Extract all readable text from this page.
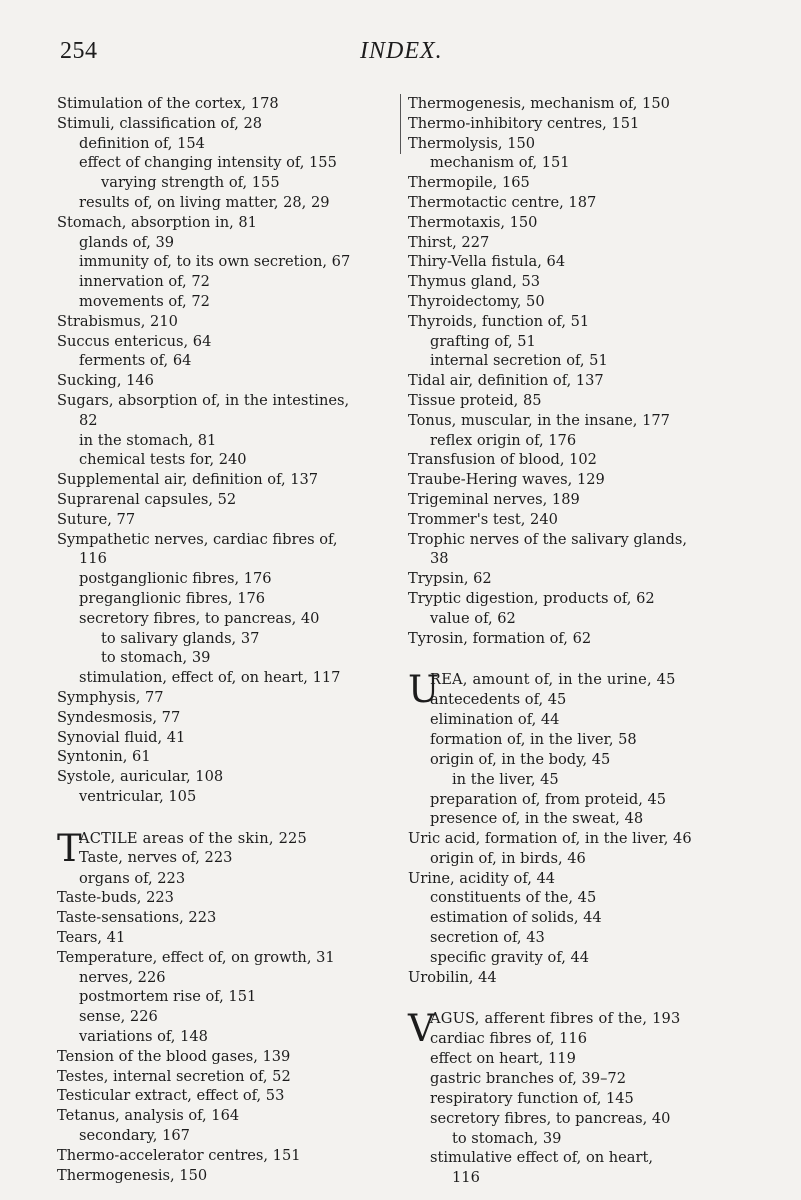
254	INDEX.
Stimulation of the cortex, 178
Stimuli, classification of, 28
definition of, 154
effect of changing intensity of, 155
varying strength of, 155
results of, on living matter, 28, 29
Stomach, absorption in, 81
glands of, 39
immunity of, to its own secretion, 67
innervation of, 72
movements of, 72
Strabismus, 210
Succus entericus, 64
ferments of, 64
Sucking, 146
Sugars, absorption of, in the intestines,
82
in the stomach, 81
chemical tests for, 240
Supplemental air, definition of, 137
Suprarenal capsules, 52
Suture, 77
Sympathetic nerves, cardiac fibres of,
116
postganglionic fibres, 176
preganglionic fibres, 176
secretory fibres, to pancreas, 40
to salivary glands, 37
to stomach, 39
stimulation, effect of, on heart, 117
Symphysis, 77
Syndesmosis, 77
Synovial fluid, 41
Syntonin, 61
Systole, auricular, 108
ventricular, 105
T
ACTILE areas of the skin, 225
Taste, nerves of, 223
organs of, 223
Taste-buds, 223
Taste-sensations, 223
Tears, 41
Temperature, effect of, on growth, 31
nerves, 226
postmortem rise of, 151
sense, 226
variations of, 148
Tension of the blood gases, 139
Testes, internal secretion of, 52
Testicular extract, effect of, 53
Tetanus, analysis of, 164
secondary, 167
Thermo-accelerator centres, 151
Thermogenesis, 150
Thermogenesis, mechanism of, 150
Thermo-inhibitory centres, 151
Thermolysis, 150
mechanism of, 151
Thermopile, 165
Thermotactic centre, 187
Thermotaxis, 150
Thirst, 227
Thiry-Vella fistula, 64
Thymus gland, 53
Thyroidectomy, 50
Thyroids, function of, 51
grafting of, 51
internal secretion of, 51
Tidal air, definition of, 137
Tissue proteid, 85
Tonus, muscular, in the insane, 177
reflex origin of, 176
Transfusion of blood, 102
Traube-Hering waves, 129
Trigeminal nerves, 189
Trommer's test, 240
Trophic nerves of the salivary glands,
38
Trypsin, 62
Tryptic digestion, products of, 62
value of, 62
Tyrosin, formation of, 62
U
REA, amount of, in the urine, 45
antecedents of, 45
elimination of, 44
formation of, in the liver, 58
origin of, in the body, 45
in the liver, 45
preparation of, from proteid, 45
presence of, in the sweat, 48
Uric acid, formation of, in the liver, 46
origin of, in birds, 46
Urine, acidity of, 44
constituents of the, 45
estimation of solids, 44
secretion of, 43
specific gravity of, 44
Urobilin, 44
V
AGUS, afferent fibres of the, 193
cardiac fibres of, 116
effect on heart, 119
gastric branches of, 39–72
respiratory function of, 145
secretory fibres, to pancreas, 40
to stomach, 39
stimulative effect of, on heart,
116
